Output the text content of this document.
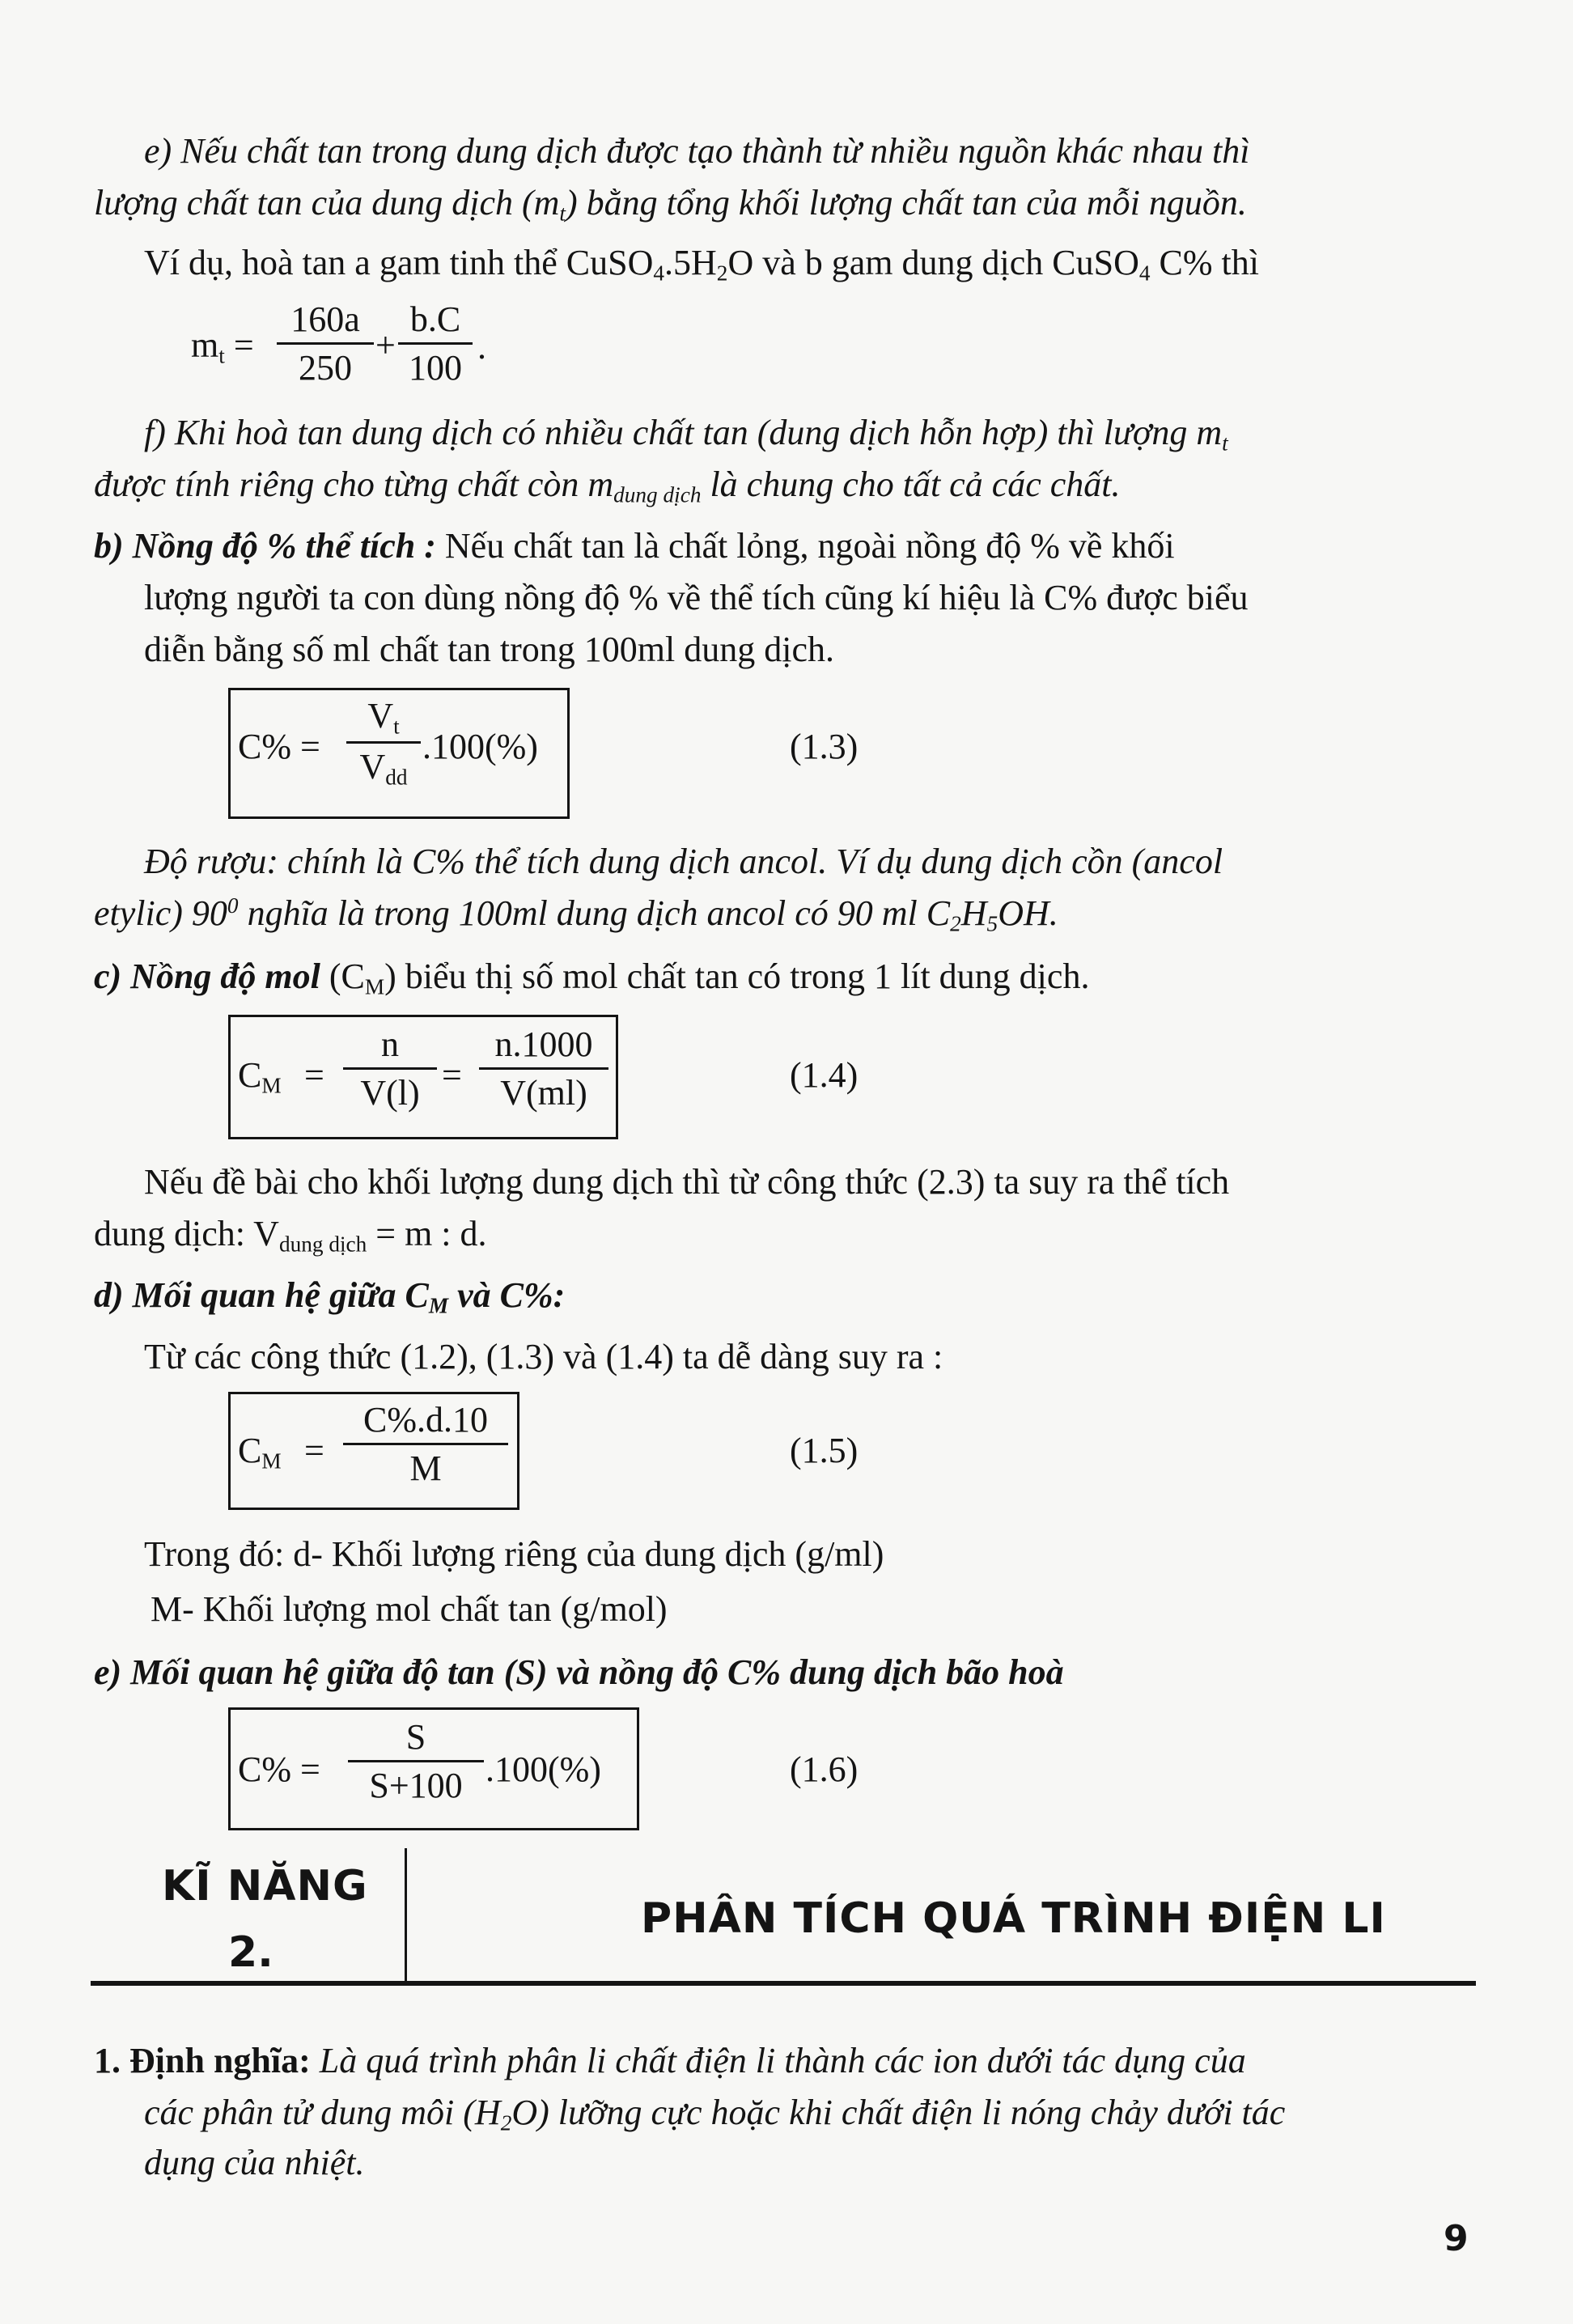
e) Nếu chất tan trong dung dịch được tạo thành từ nhiều nguồn khác nhau thì
lượng chất tan của dung dịch $(m_t)$ bằng tổng khối lượng chất tan của mỗi nguồn.
Ví dụ, hoà tan a gam tinh thể $CuSO_4.5H_2O$ và b gam dung dịch CuSO$_4$ C% thì
$m_t$ =
160a
250
+
b.C
100
.
f) Khi hoà tan dung dịch có nhiều chất tan (dung dịch hỗn hợp) thì lượng $m_t$
được tính riêng cho từng chất còn $m_{dung dịch}$ là chung cho tất cả các chất.
b) Nồng độ % thể tích : Nếu chất tan là chất lỏng, ngoài nồng độ % về khối
lượng người ta con dùng nồng độ % về thể tích cũng kí hiệu là C% được biểu
diễn bằng số ml chất tan trong 100ml dung dịch.
C% =
$V_t$
$V_{dd}$
.100(%)	(1.3)
Độ rượu: chính là C% thể tích dung dịch ancol. Ví dụ dung dịch cồn (ancol
etylic) $90^0$ nghĩa là trong 100ml dung dịch ancol có 90 ml $C_2H_5OH$.
c) Nồng độ mol $(C_M)$ biểu thị số mol chất tan có trong 1 lít dung dịch.
$C_M$ =
n
V(l) =
n.1000
V(ml)	(1.4)
Nếu đề bài cho khối lượng dung dịch thì từ công thức (2.3) ta suy ra thể tích
dung dịch: $V_{dung dịch} = m$ : d.
d) Mối quan hệ giữa $C_M$ và C%:
Từ các công thức (1.2), (1.3) và (1.4) ta dễ dàng suy ra :
$C_M$ =
C%.d.10
M	(1.5)
Trong đó: d- Khối lượng riêng của dung dịch (g/ml)
M- Khối lượng mol chất tan (g/mol)
e) Mối quan hệ giữa độ tan (S) và nồng độ C% dung dịch bão hoà
C% =
S
S+100 .100(%)	(1.6)
KĨ NĂNG
2.
PHÂN TÍCH QUÁ TRÌNH ĐIỆN LI
1. Định nghĩa: Là quá trình phân li chất điện li thành các ion dưới tác dụng của
các phân tử dung môi $(H_2O)$ lưỡng cực hoặc khi chất điện li nóng chảy dưới tác
dụng của nhiệt.
9
